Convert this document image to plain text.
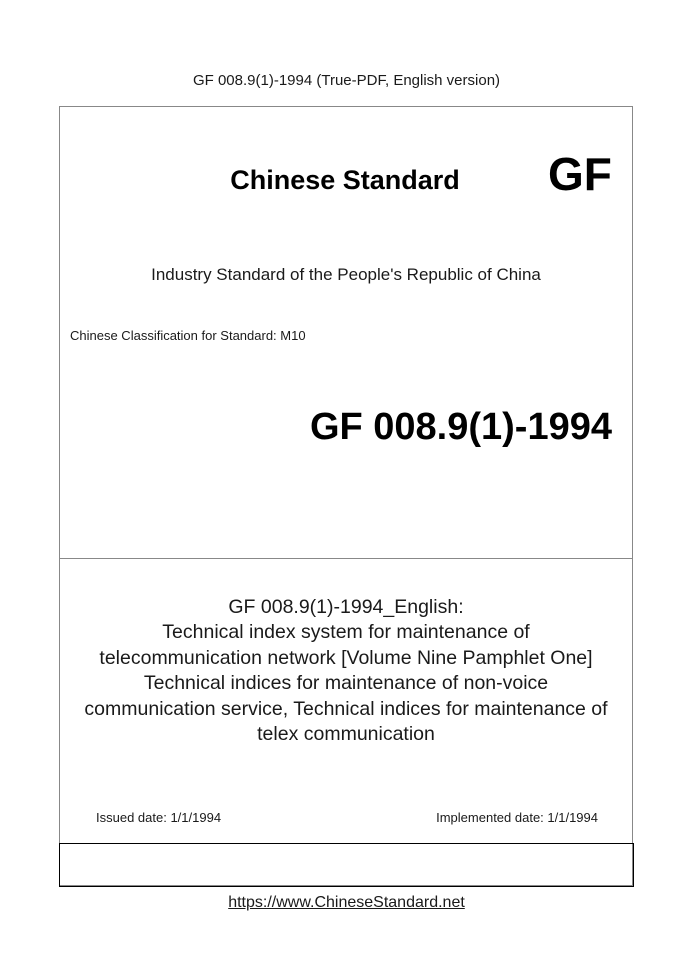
GF 008.9(1)-1994 (True-PDF, English version)
Chinese Standard	GF
Industry Standard of the People's Republic of China
Chinese Classification for Standard: M10
GF 008.9(1)-1994
GF 008.9(1)-1994_English:
Technical index system for maintenance of
telecommunication network [Volume Nine Pamphlet One]
Technical indices for maintenance of non-voice
communication service, Technical indices for maintenance of
telex communication
Issued date: 1/1/1994	Implemented date: 1/1/1994
https://www.ChineseStandard.net
